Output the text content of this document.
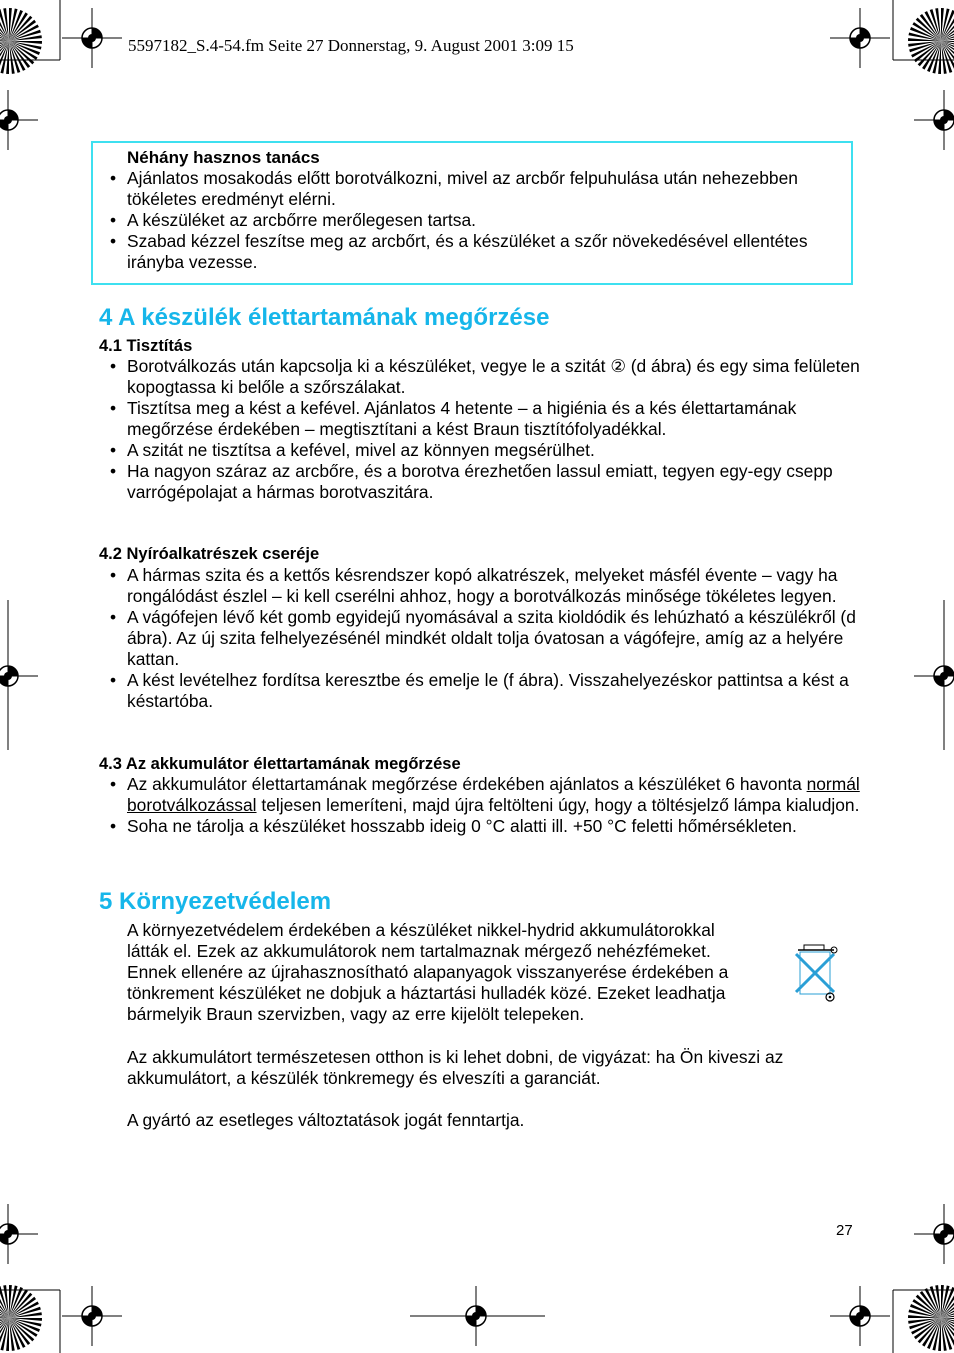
5597182_S.4-54.fm Seite 27 Donnerstag, 9. August 2001 3:09 15
Néhány hasznos tanács
• Ajánlatos mosakodás előtt borotválkozni, mivel az arcbőr felpuhulása után nehezebben tökéletes eredményt elérni.
• A készüléket az arcbőrre merőlegesen tartsa.
• Szabad kézzel feszítse meg az arcbőrt, és a készüléket a szőr növekedésével ellentétes irányba vezesse.
4 A készülék élettartamának megőrzése
4.1 Tisztítás
• Borotválkozás után kapcsolja ki a készüléket, vegye le a szitát ② (d ábra) és egy sima felületen kopogtassa ki belőle a szőrszálakat.
• Tisztítsa meg a kést a kefével. Ajánlatos 4 hetente – a higiénia és a kés élettartamának megőrzése érdekében – megtisztítani a kést Braun tisztítófolyadékkal.
• A szitát ne tisztítsa a kefével, mivel az könnyen megsérülhet.
• Ha nagyon száraz az arcbőre, és a borotva érezhetően lassul emiatt, tegyen egy-egy csepp varrógépolajat a hármas borotvaszitára.
4.2 Nyíróalkatrészek cseréje
• A hármas szita és a kettős késrendszer kopó alkatrészek, melyeket másfél évente – vagy ha rongálódást észlel – ki kell cserélni ahhoz, hogy a borotválkozás minősége tökéletes legyen.
• A vágófejen lévő két gomb egyidejű nyomásával a szita kioldódik és lehúzható a készülékről (d ábra). Az új szita felhelyezésénél mindkét oldalt tolja óvatosan a vágófejre, amíg az a helyére kattan.
• A kést levételhez fordítsa keresztbe és emelje le (f ábra). Visszahelyezéskor pattintsa a kést a késtartóba.
4.3 Az akkumulátor élettartamának megőrzése
• Az akkumulátor élettartamának megőrzése érdekében ajánlatos a készüléket 6 havonta normál borotválkozással teljesen lemeríteni, majd újra feltölteni úgy, hogy a töltésjelző lámpa kialudjon.
• Soha ne tárolja a készüléket hosszabb ideig 0 °C alatti ill. +50 °C feletti hőmérsékleten.
5 Környezetvédelem

A környezetvédelem érdekében a készüléket nikkel-hydrid akkumulátorokkal látták el. Ezek az akkumulátorok nem tartalmaznak mérgező nehézfémeket. Ennek ellenére az újrahasznosítható alapanyagok visszanyerése érdekében a tönkrement készüléket ne dobjuk a háztartási hulladék közé. Ezeket leadhatja bármelyik Braun szervizben, vagy az erre kijelölt telepeken.

Az akkumulátort természetesen otthon is ki lehet dobni, de vigyázat: ha Ön kiveszi az akkumulátort, a készülék tönkremegy és elveszíti a garanciát.

A gyártó az esetleges változtatások jogát fenntartja.

27
